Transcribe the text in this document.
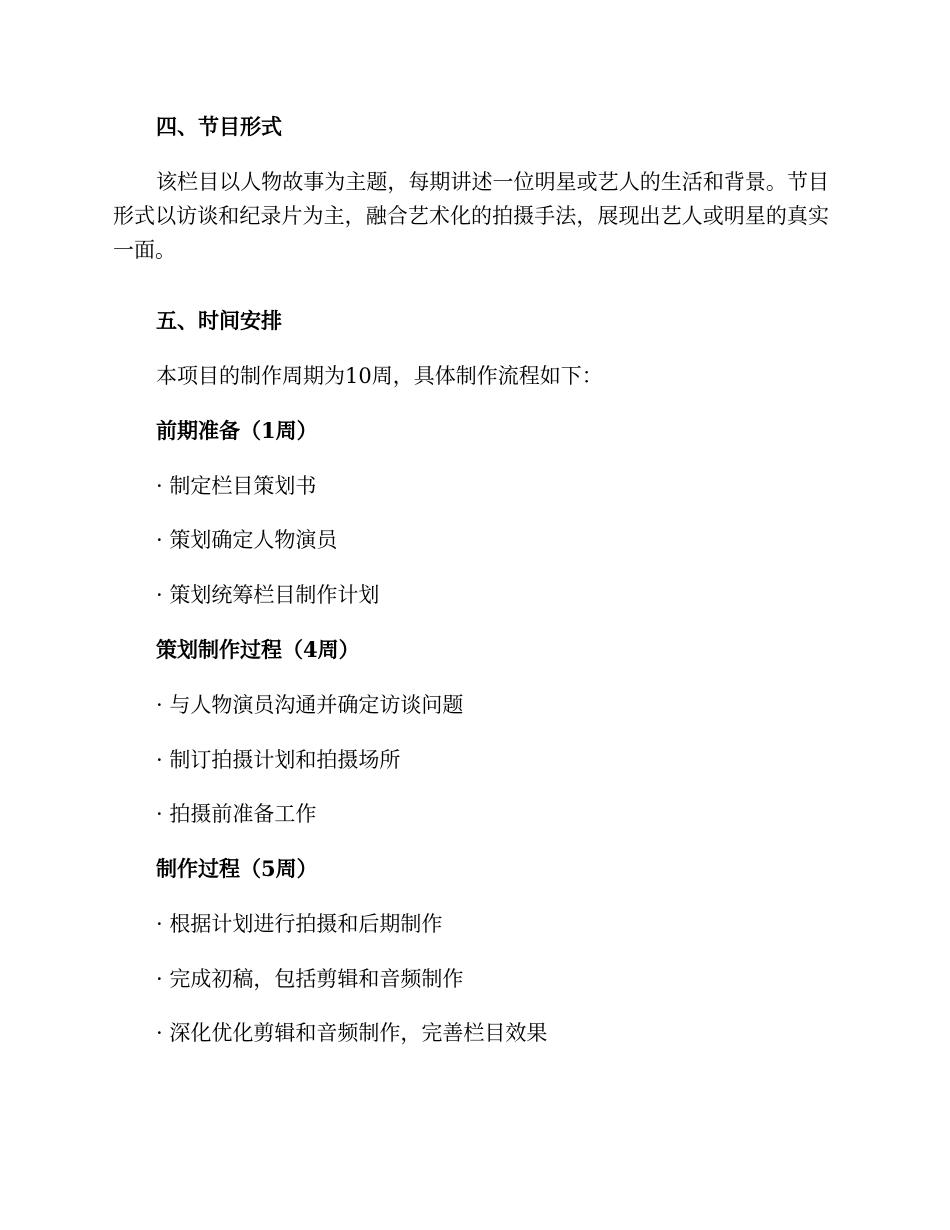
四、节目形式
该栏目以人物故事为主题，每期讲述一位明星或艺人的生活和背景。节目形式以访谈和纪录片为主，融合艺术化的拍摄手法，展现出艺人或明星的真实一面。
五、时间安排
本项目的制作周期为10周，具体制作流程如下：
前期准备（1周）
· 制定栏目策划书
· 策划确定人物演员
· 策划统筹栏目制作计划
策划制作过程（4周）
· 与人物演员沟通并确定访谈问题
· 制订拍摄计划和拍摄场所
· 拍摄前准备工作
制作过程（5周）
· 根据计划进行拍摄和后期制作
· 完成初稿，包括剪辑和音频制作
· 深化优化剪辑和音频制作，完善栏目效果
